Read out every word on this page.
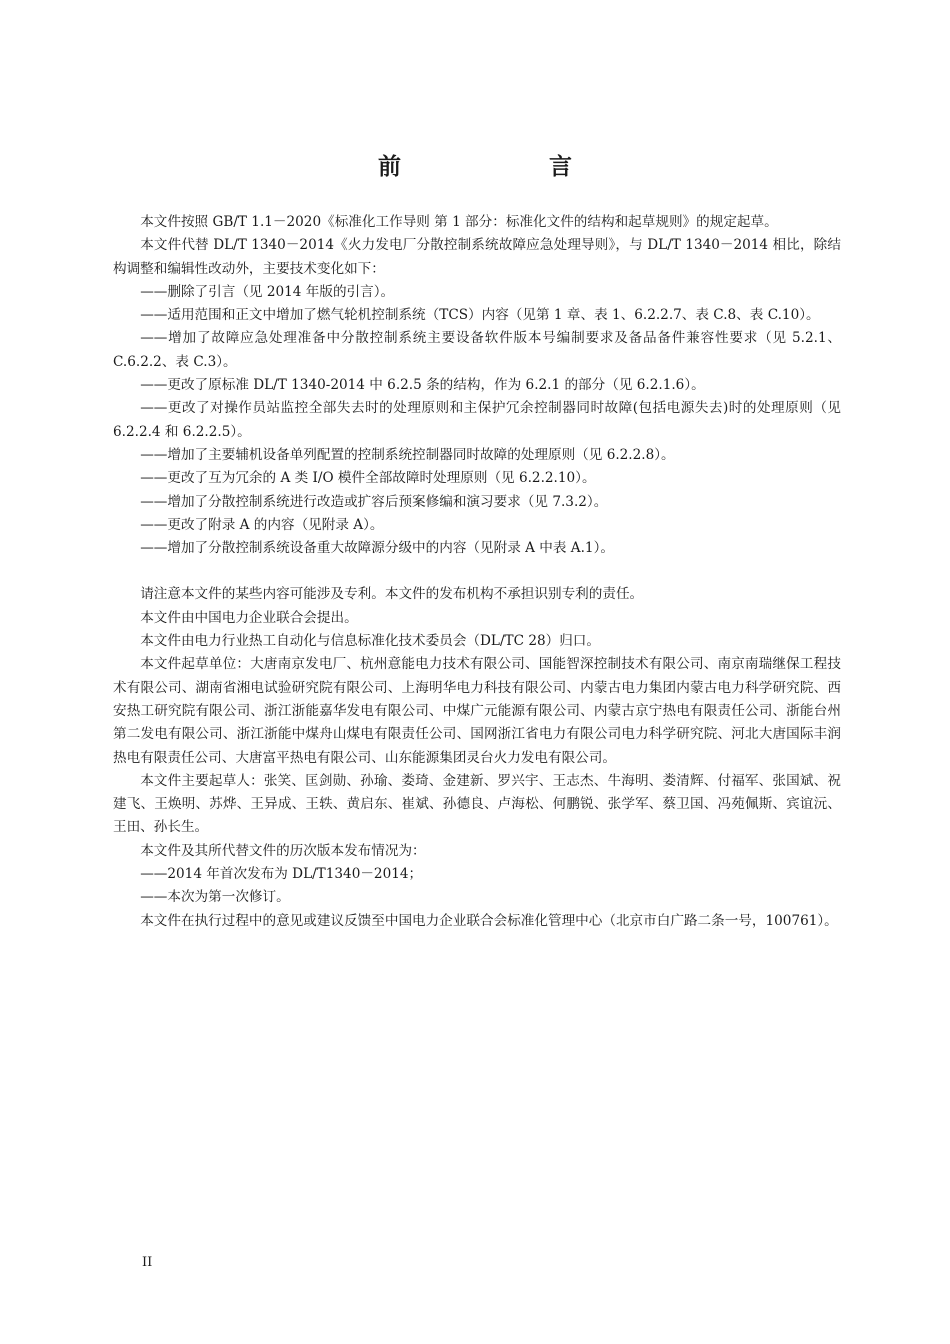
前 言

本文件按照 GB/T 1.1－2020《标准化工作导则 第 1 部分：标准化文件的结构和起草规则》的规定起草。

本文件代替 DL/T 1340－2014《火力发电厂分散控制系统故障应急处理导则》，与 DL/T 1340－2014 相比，除结构调整和编辑性改动外，主要技术变化如下：

——删除了引言（见 2014 年版的引言）。

——适用范围和正文中增加了燃气轮机控制系统（TCS）内容（见第 1 章、表 1、6.2.2.7、表 C.8、表 C.10）。

——增加了故障应急处理准备中分散控制系统主要设备软件版本号编制要求及备品备件兼容性要求（见 5.2.1、C.6.2.2、表 C.3）。

——更改了原标准 DL/T 1340-2014 中 6.2.5 条的结构，作为 6.2.1 的部分（见 6.2.1.6）。

——更改了对操作员站监控全部失去时的处理原则和主保护冗余控制器同时故障(包括电源失去)时的处理原则（见 6.2.2.4 和 6.2.2.5）。

——增加了主要辅机设备单列配置的控制系统控制器同时故障的处理原则（见 6.2.2.8）。

——更改了互为冗余的 A 类 I/O 模件全部故障时处理原则（见 6.2.2.10）。

——增加了分散控制系统进行改造或扩容后预案修编和演习要求（见 7.3.2）。

——更改了附录 A 的内容（见附录 A）。

——增加了分散控制系统设备重大故障源分级中的内容（见附录 A 中表 A.1）。

请注意本文件的某些内容可能涉及专利。本文件的发布机构不承担识别专利的责任。

本文件由中国电力企业联合会提出。

本文件由电力行业热工自动化与信息标准化技术委员会（DL/TC 28）归口。

本文件起草单位：大唐南京发电厂、杭州意能电力技术有限公司、国能智深控制技术有限公司、南京南瑞继保工程技术有限公司、湖南省湘电试验研究院有限公司、上海明华电力科技有限公司、内蒙古电力集团内蒙古电力科学研究院、西安热工研究院有限公司、浙江浙能嘉华发电有限公司、中煤广元能源有限公司、内蒙古京宁热电有限责任公司、浙能台州第二发电有限公司、浙江浙能中煤舟山煤电有限责任公司、国网浙江省电力有限公司电力科学研究院、河北大唐国际丰润热电有限责任公司、大唐富平热电有限公司、山东能源集团灵台火力发电有限公司。

本文件主要起草人：张笑、匡剑勋、孙瑜、娄琦、金建新、罗兴宇、王志杰、牛海明、娄清辉、付福军、张国斌、祝建飞、王焕明、苏烨、王异成、王轶、黄启东、崔斌、孙德良、卢海松、何鹏锐、张学军、蔡卫国、冯苑佩斯、宾谊沅、王田、孙长生。

本文件及其所代替文件的历次版本发布情况为：

——2014 年首次发布为 DL/T1340－2014；

——本次为第一次修订。

本文件在执行过程中的意见或建议反馈至中国电力企业联合会标准化管理中心（北京市白广路二条一号，100761）。

II
